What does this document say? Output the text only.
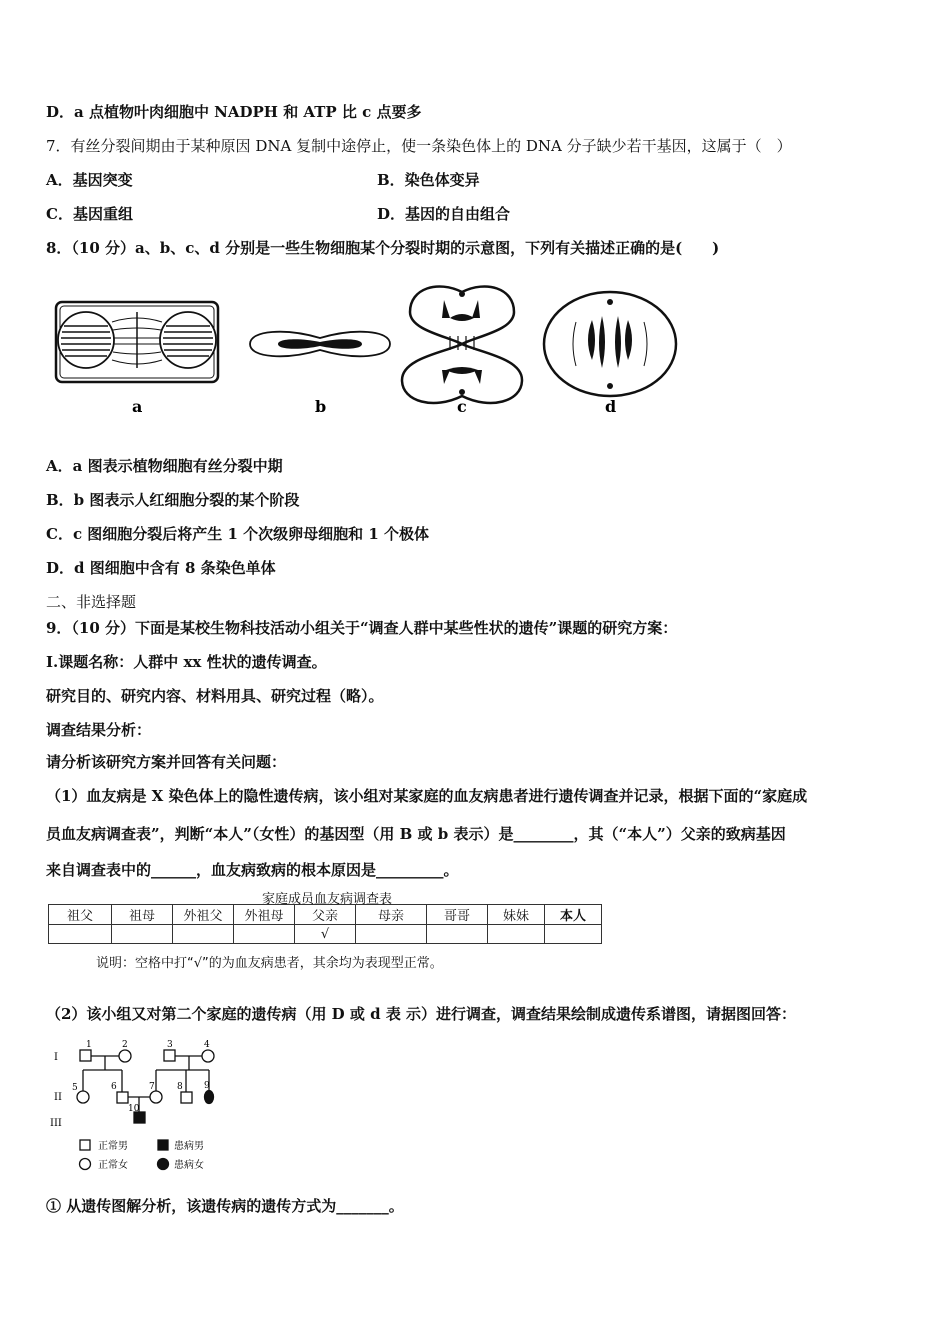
D．a 点植物叶肉细胞中 NADPH 和 ATP 比 c 点要多
7．有丝分裂间期由于某种原因 DNA 复制中途停止，使一条染色体上的 DNA 分子缺少若干基因，这属于（　）
A．基因突变	B．染色体变异
C．基因重组	D．基因的自由组合
8．（10 分）a、b、c、d 分别是一些生物细胞某个分裂时期的示意图，下列有关描述正确的是(　　)
a	b	c	d
A．a 图表示植物细胞有丝分裂中期
B．b 图表示人红细胞分裂的某个阶段
C．c 图细胞分裂后将产生 1 个次级卵母细胞和 1 个极体
D．d 图细胞中含有 8 条染色单体
二、非选择题
9．（10 分）下面是某校生物科技活动小组关于“调查人群中某些性状的遗传”课题的研究方案：
I.课题名称：人群中 xx 性状的遗传调查。
研究目的、研究内容、材料用具、研究过程（略）。
调查结果分析：
请分析该研究方案并回答有关问题：
（1）血友病是 X 染色体上的隐性遗传病，该小组对某家庭的血友病患者进行遗传调查并记录，根据下面的“家庭成
员血友病调查表”，判断“本人”（女性）的基因型（用 B 或 b 表示）是________，其（“本人”）父亲的致病基因
来自调查表中的______，血友病致病的根本原因是_________。
家庭成员血友病调查表
祖父	祖母	外祖父	外祖母	父亲	母亲	哥哥	妹妹	本人
				√				
说明：空格中打“√”的为血友病患者，其余均为表现型正常。
（2）该小组又对第二个家庭的遗传病（用 D 或 d 表 示）进行调查，调查结果绘制成遗传系谱图，请据图回答：
I
II
III
1	2	3	4
5	6	7 8 9
10
正常男	患病男
正常女	患病女
① 从遗传图解分析，该遗传病的遗传方式为_______。
